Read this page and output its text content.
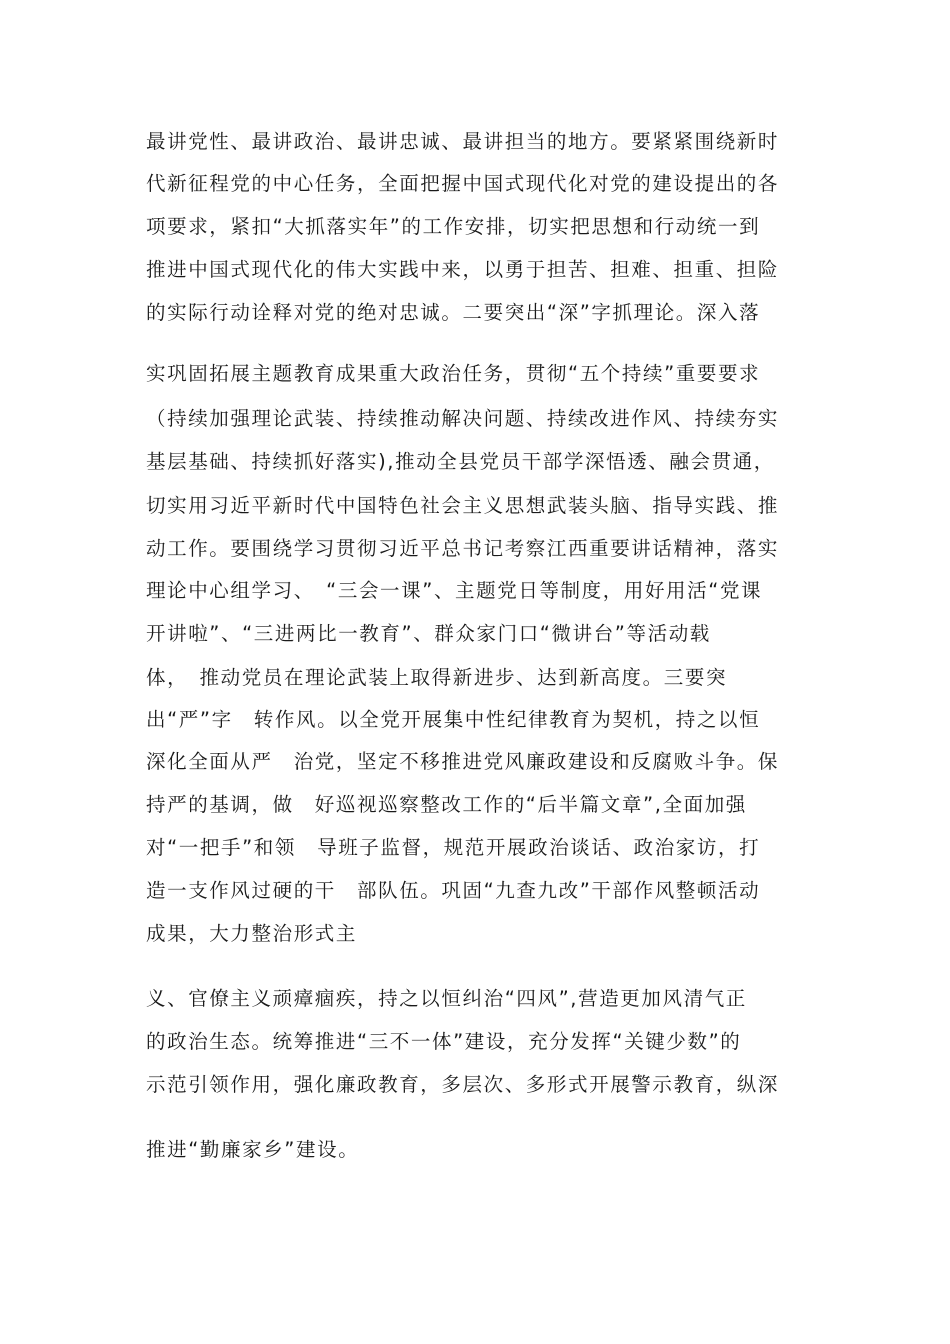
最讲党性、最讲政治、最讲忠诚、最讲担当的地方。要紧紧围绕新时
代新征程党的中心任务，全面把握中国式现代化对党的建设提出的各
项要求，紧扣“大抓落实年”的工作安排，切实把思想和行动统一到
推进中国式现代化的伟大实践中来，以勇于担苦、担难、担重、担险
的实际行动诠释对党的绝对忠诚。二要突出“深”字抓理论。深入落
实巩固拓展主题教育成果重大政治任务，贯彻“五个持续”重要要求
（持续加强理论武装、持续推动解决问题、持续改进作风、持续夯实
基层基础、持续抓好落实),推动全县党员干部学深悟透、融会贯通，
切实用习近平新时代中国特色社会主义思想武装头脑、指导实践、推
动工作。要围绕学习贯彻习近平总书记考察江西重要讲话精神，落实
理论中心组学习、　“三会一课”、主题党日等制度，用好用活“党课
开讲啦”、“三进两比一教育”、群众家门口“微讲台”等活动载
体，　推动党员在理论武装上取得新进步、达到新高度。三要突
出“严”字　转作风。以全党开展集中性纪律教育为契机，持之以恒
深化全面从严　治党，坚定不移推进党风廉政建设和反腐败斗争。保
持严的基调，做　好巡视巡察整改工作的“后半篇文章”,全面加强
对“一把手”和领　导班子监督，规范开展政治谈话、政治家访，打
造一支作风过硬的干　部队伍。巩固“九查九改”干部作风整顿活动
成果，大力整治形式主
义、官僚主义顽瘴痼疾，持之以恒纠治“四风”,营造更加风清气正
的政治生态。统筹推进“三不一体”建设，充分发挥“关键少数”的
示范引领作用，强化廉政教育，多层次、多形式开展警示教育，纵深
推进“勤廉家乡”建设。
